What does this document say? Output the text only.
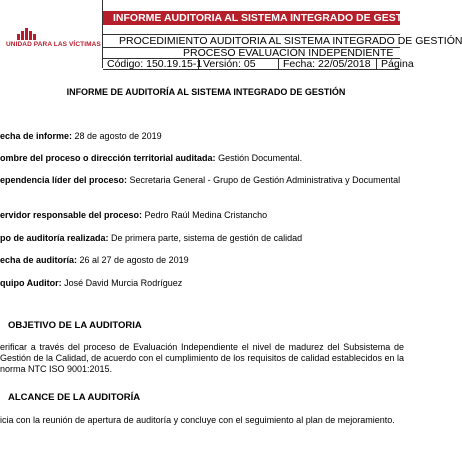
UNIDAD PARA LAS VÍCTIMAS
INFORME AUDITORIA AL SISTEMA INTEGRADO DE GESTIÓN
PROCEDIMIENTO AUDITORIA AL SISTEMA INTEGRADO DE GESTIÓN
PROCESO EVALUACIÓN INDEPENDIENTE
Código: 150.19.15-1 Versión: 05	Fecha: 22/05/2018 Página
INFORME DE AUDITORÍA AL SISTEMA INTEGRADO DE GESTIÓN
echa de informe: 28 de agosto de 2019
ombre del proceso o dirección territorial auditada: Gestión Documental.
ependencia líder del proceso: Secretaria General - Grupo de Gestión Administrativa y Documental
ervidor responsable del proceso: Pedro Raúl Medina Cristancho
po de auditoría realizada: De primera parte, sistema de gestión de calidad
echa de auditoría: 26 al 27 de agosto de 2019
quipo Auditor: José David Murcia Rodríguez
OBJETIVO DE LA AUDITORIA
erificar a través del proceso de Evaluación Independiente el nivel de madurez del Subsistema de Gestión de la Calidad, de acuerdo con el cumplimiento de los requisitos de calidad establecidos en la norma NTC ISO 9001:2015.
ALCANCE DE LA AUDITORÍA
icia con la reunión de apertura de auditoría y concluye con el seguimiento al plan de mejoramiento.
